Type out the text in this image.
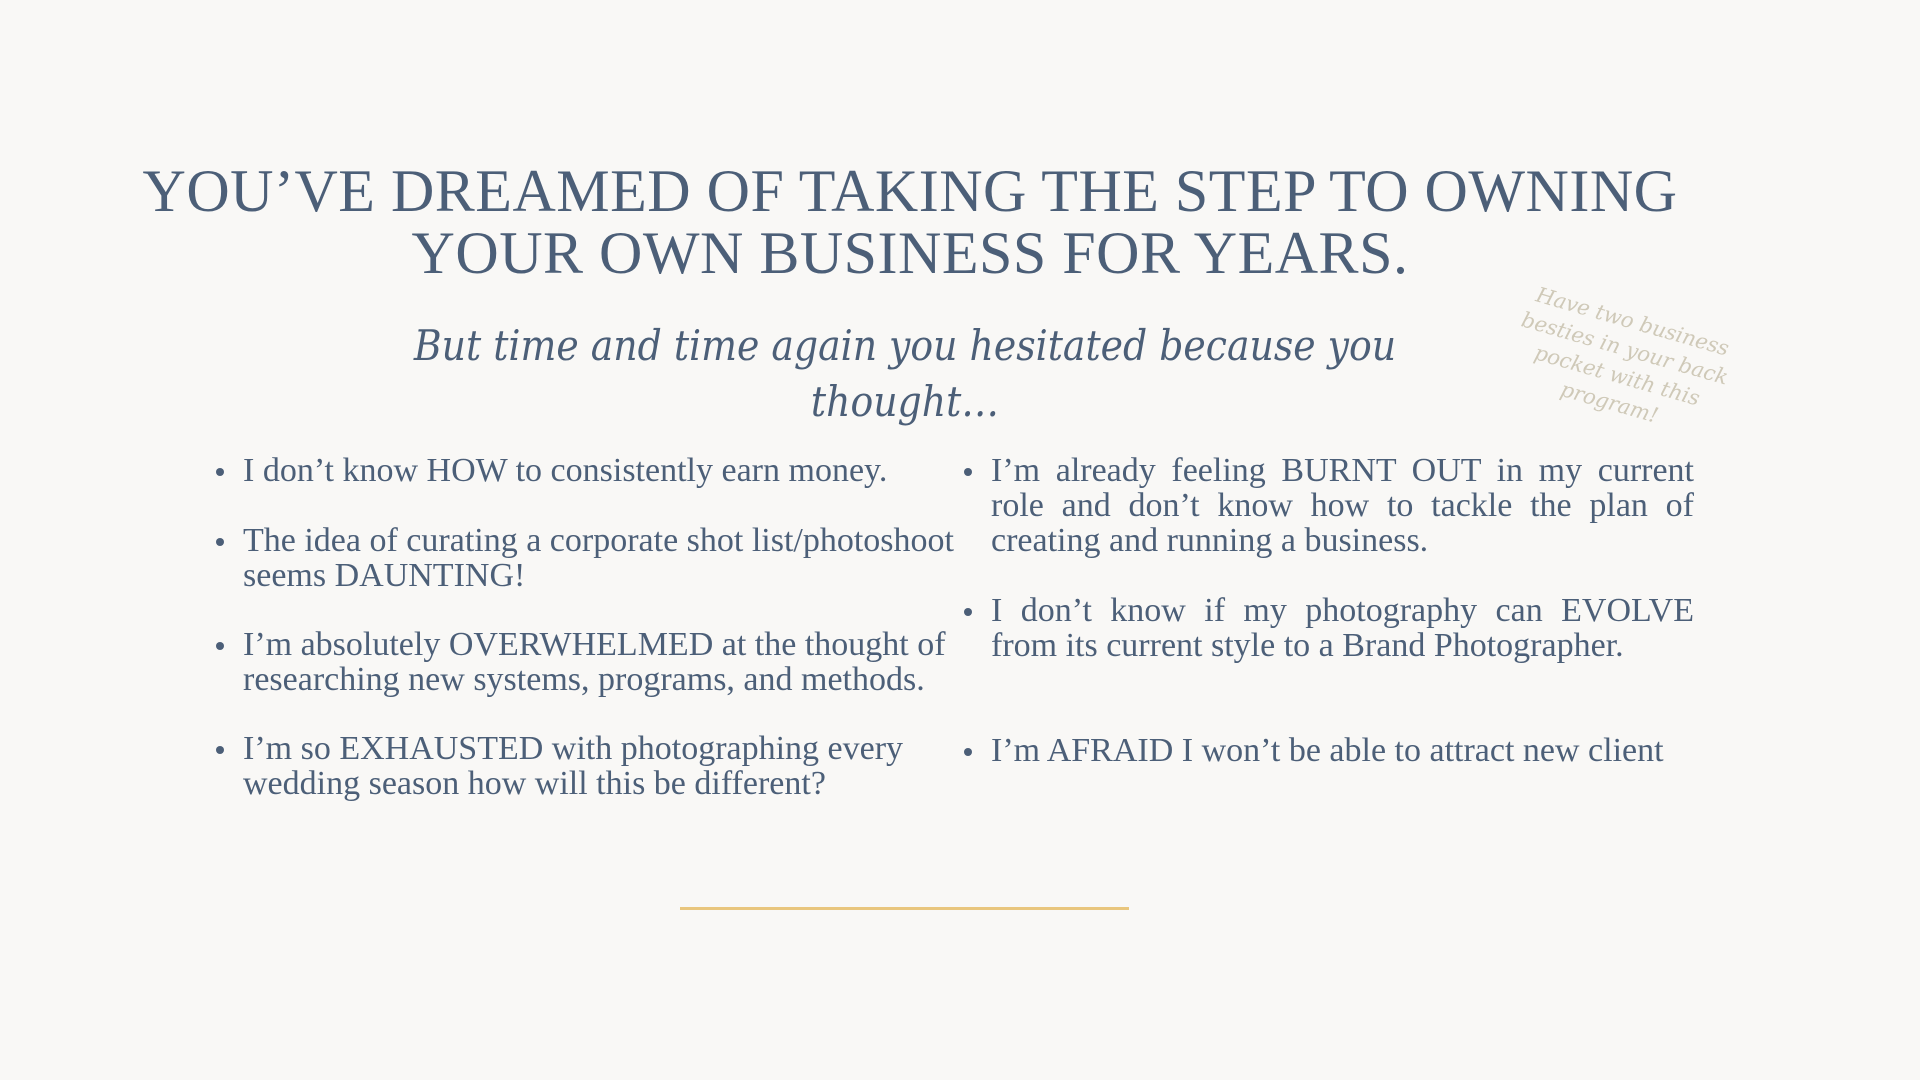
YOU’VE DREAMED OF TAKING THE STEP TO OWNING
YOUR OWN BUSINESS FOR YEARS.

But time and time again you hesitated because you thought…

Have two business besties in your back pocket with this program!
I don’t know HOW to consistently earn money.
The idea of curating a corporate shot list/photoshoot seems DAUNTING!
I’m absolutely OVERWHELMED at the thought of researching new systems, programs, and methods.
I’m so EXHAUSTED with photographing every wedding season how will this be different?
I’m already feeling BURNT OUT in my current role and don’t know how to tackle the plan of creating and running a business.
I don’t know if my photography can EVOLVE from its current style to a Brand Photographer.
I’m AFRAID I won’t be able to attract new client
